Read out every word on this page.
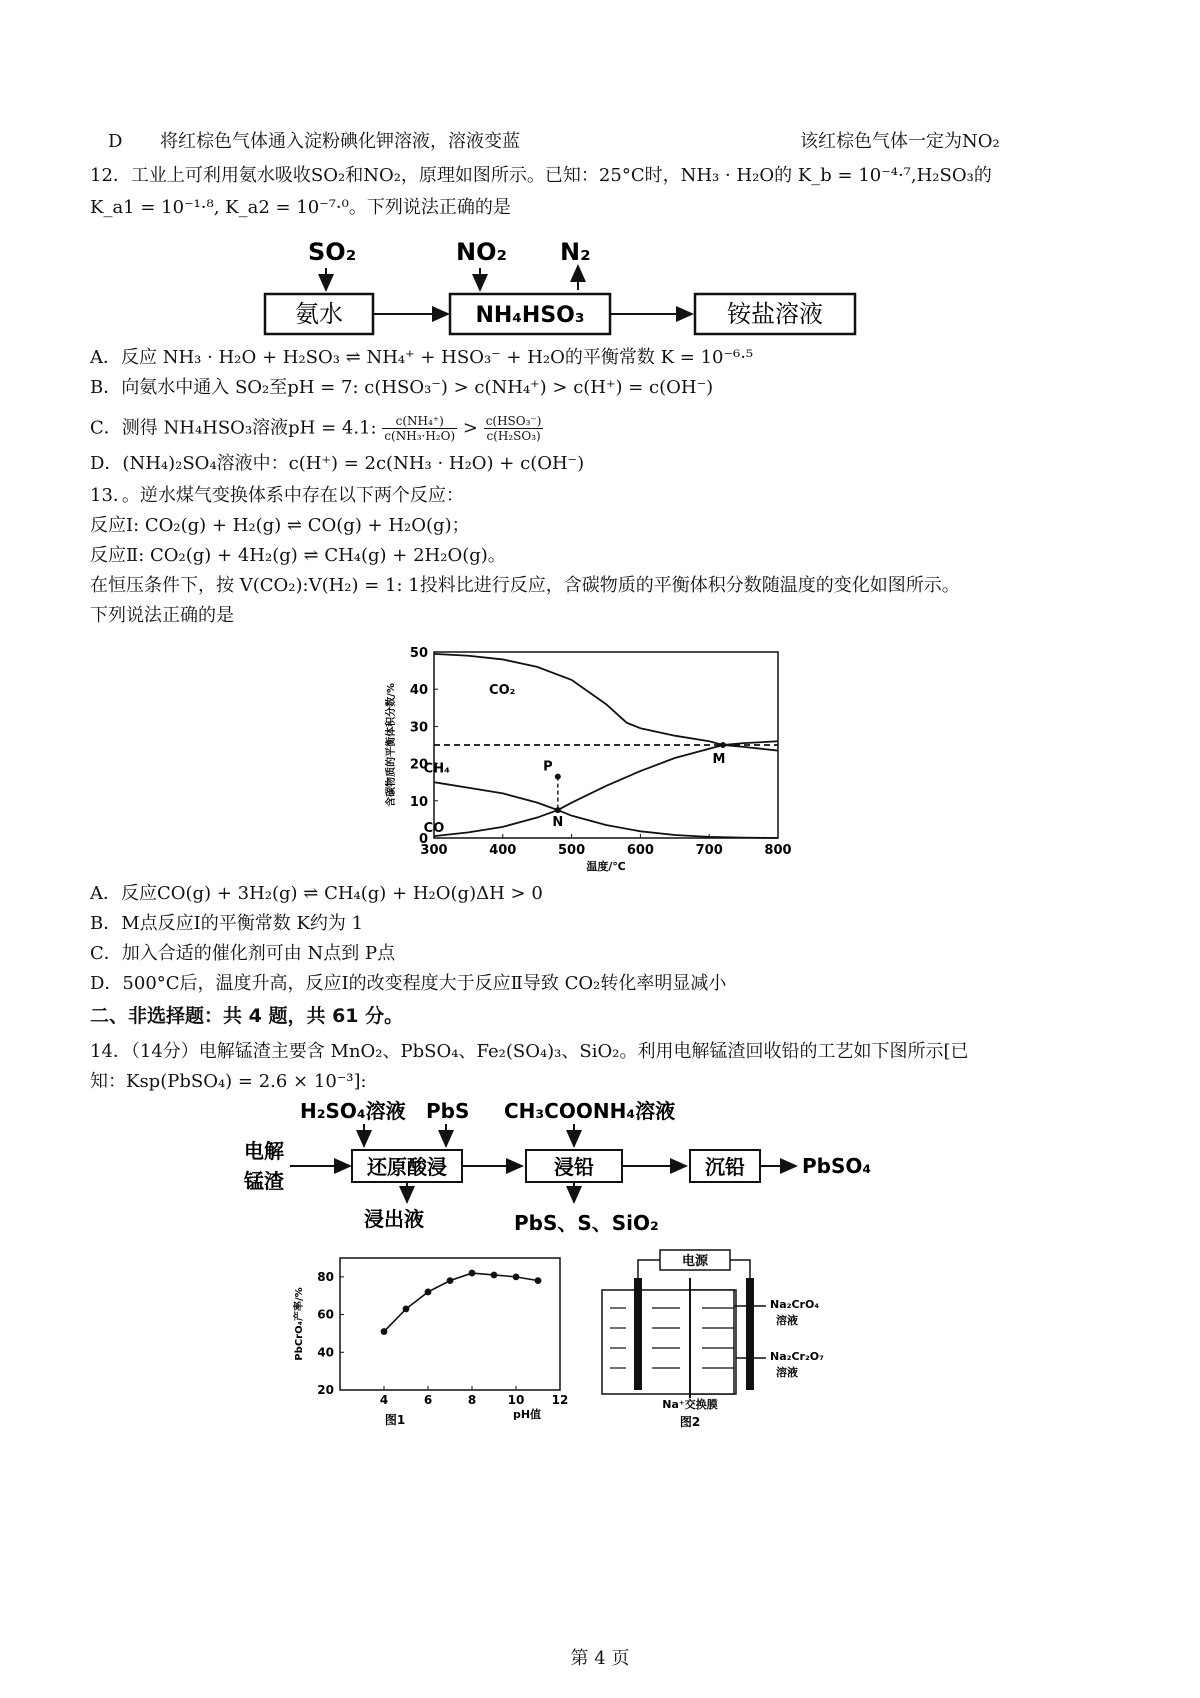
D 将红棕色气体通入淀粉碘化钾溶液，溶液变蓝	该红棕色气体一定为NO₂
12．工业上可利用氨水吸收SO₂和NO₂，原理如图所示。已知：25°C时，NH₃ · H₂O的 K_b = 10⁻⁴·⁷,H₂SO₃的
K_a1 = 10⁻¹·⁸, K_a2 = 10⁻⁷·⁰。下列说法正确的是
SO₂	NO₂ N₂
氨水	NH₄HSO₃	铵盐溶液
A．反应 NH₃ · H₂O + H₂SO₃ ⇌ NH₄⁺ + HSO₃⁻ + H₂O的平衡常数 K = 10⁻⁶·⁵
B．向氨水中通入 SO₂至pH = 7: c(HSO₃⁻) > c(NH₄⁺) > c(H⁺) = c(OH⁻)
C．测得 NH₄HSO₃溶液pH = 4.1: $\frac{\text{c(NH₄⁺)}}{\text{c(NH₃·H₂O)}} > c(HSO_3^-)$
c(H₂SO₃)
D．(NH₄)₂SO₄溶液中：c(H⁺) = 2c(NH₃ · H₂O) + c(OH⁻)
13．。逆水煤气变换体系中存在以下两个反应：
反应Ⅰ: CO₂(g) + H₂(g) ⇌ CO(g) + H₂O(g)；
反应Ⅱ: CO₂(g) + 4H₂(g) ⇌ CH₄(g) + 2H₂O(g)。
在恒压条件下，按 V(CO₂):V(H₂) = 1: 1投料比进行反应，含碳物质的平衡体积分数随温度的变化如图所示。
下列说法正确的是
300	400	500	600	700	800
0
10
20
30
40
50
温度/℃
含碳物质的平衡体积分数/%	CO₂
CH₄
CO
P
N
M
A．反应CO(g) + 3H₂(g) ⇌ CH₄(g) + H₂O(g)ΔH > 0
B．M点反应Ⅰ的平衡常数 K约为 1
C．加入合适的催化剂可由 N点到 P点
D．500°C后，温度升高，反应Ⅰ的改变程度大于反应Ⅱ导致 CO₂转化率明显减小
二、非选择题：共 4 题，共 61 分。
14．（14分）电解锰渣主要含 MnO₂、PbSO₄、Fe₂(SO₄)₃、SiO₂。利用电解锰渣回收铅的工艺如下图所示[已
知：Ksp(PbSO₄) = 2.6 × 10⁻³]:
电解
锰渣
H₂SO₄溶液 PbS
还原酸浸
浸出液
CH₃COONH₄溶液
浸铅
PbS、S、SiO₂
沉铅	PbSO₄
4	6	8	10 12
20
40
60
80
pH值
PbCrO₄产率/%
图1
电源
Na₂CrO₄
溶液
Na₂Cr₂O₇
溶液
Na⁺交换膜
图2
第 4 页
